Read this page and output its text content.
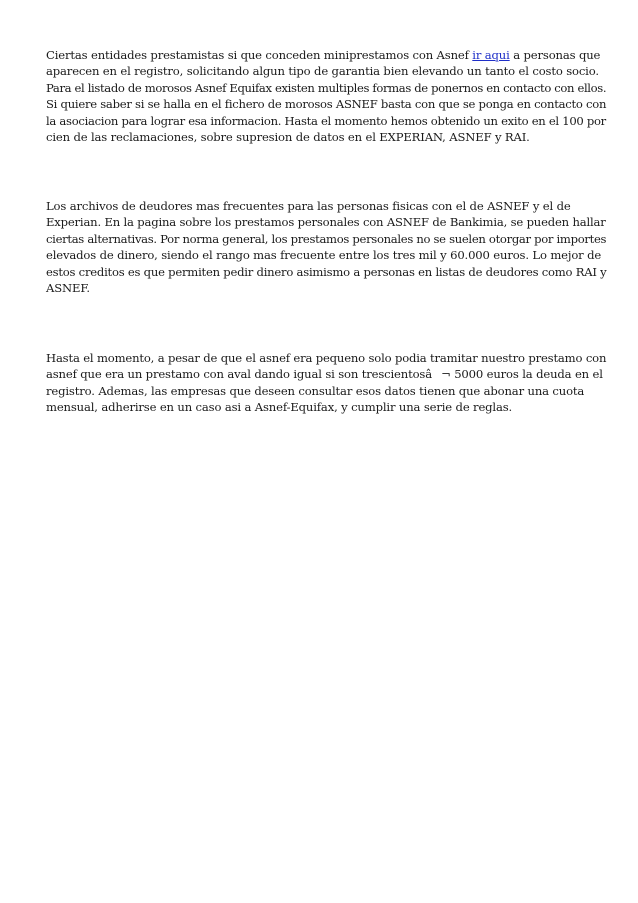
Ciertas entidades prestamistas si que conceden miniprestamos con Asnef ir aqui a personas que
aparecen en el registro, solicitando algun tipo de garantia bien elevando un tanto el costo socio.
Para el listado de morosos Asnef Equifax existen multiples formas de ponernos en contacto con ellos.
Si quiere saber si se halla en el fichero de morosos ASNEF basta con que se ponga en contacto con
la asociacion para lograr esa informacion. Hasta el momento hemos obtenido un exito en el 100 por
cien de las reclamaciones, sobre supresion de datos en el EXPERIAN, ASNEF y RAI.

Los archivos de deudores mas frecuentes para las personas fisicas con el de ASNEF y el de
Experian. En la pagina sobre los prestamos personales con ASNEF de Bankimia, se pueden hallar
ciertas alternativas. Por norma general, los prestamos personales no se suelen otorgar por importes
elevados de dinero, siendo el rango mas frecuente entre los tres mil y 60.000 euros. Lo mejor de
estos creditos es que permiten pedir dinero asimismo a personas en listas de deudores como RAI y
ASNEF.

Hasta el momento, a pesar de que el asnef era pequeno solo podia tramitar nuestro prestamo con
asnef que era un prestamo con aval dando igual si son trescientosâ¬ 5000 euros la deuda en el
registro. Ademas, las empresas que deseen consultar esos datos tienen que abonar una cuota
mensual, adherirse en un caso asi a Asnef-Equifax, y cumplir una serie de reglas.
